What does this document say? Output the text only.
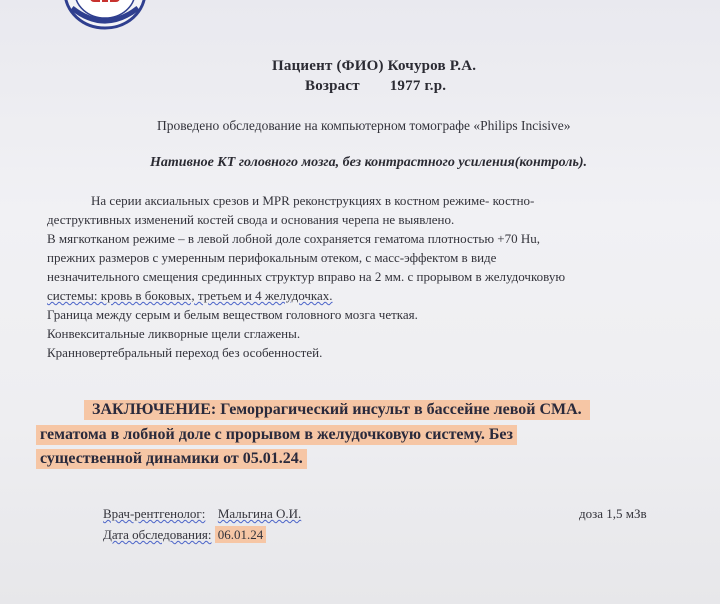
Пациент (ФИО) Кочуров Р.А.
Возраст 1977 г.р.
Проведено обследование на компьютерном томографе «Philips Incisive»
Нативное КТ головного мозга, без контрастного усиления(контроль).
На серии аксиальных срезов и MPR реконструкциях в костном режиме- костно-
деструктивных изменений костей свода и основания черепа не выявлено.
В мягкотканом режиме – в левой лобной доле сохраняется гематома плотностью +70 Hu,
прежних размеров с умеренным перифокальным отеком, с масс-эффектом в виде
незначительного смещения срединных структур вправо на 2 мм. с прорывом в желудочковую
системы: кровь в боковых, третьем и 4 желудочках.
Граница между серым и белым веществом головного мозга четкая.
Конвекситальные ликворные щели сглажены.
Кранновертебральный переход без особенностей.
ЗАКЛЮЧЕНИЕ: Геморрагический инсульт в бассейне левой СМА.
гематома в лобной доле с прорывом в желудочковую систему. Без
существенной динамики от 05.01.24.
Врач-рентгенолог: Мальгина О.И.	доза 1,5 мЗв
Дата обследования: 06.01.24
